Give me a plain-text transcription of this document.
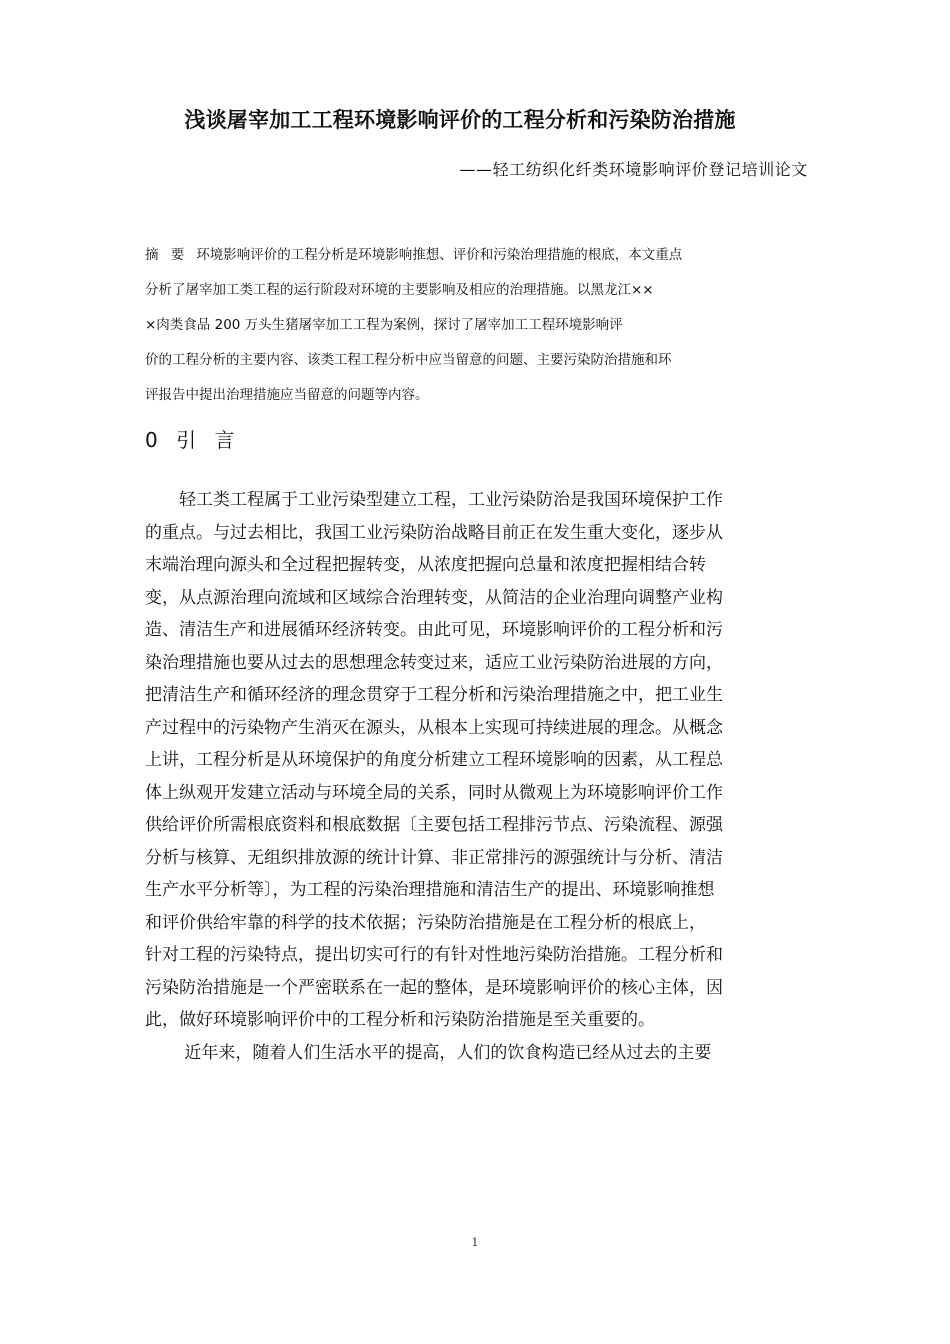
浅谈屠宰加工工程环境影响评价的工程分析和污染防治措施
——轻工纺织化纤类环境影响评价登记培训论文
摘 要 环境影响评价的工程分析是环境影响推想、评价和污染治理措施的根底，本文重点
分析了屠宰加工类工程的运行阶段对环境的主要影响及相应的治理措施。以黑龙江××
×肉类食品 200 万头生猪屠宰加工工程为案例，探讨了屠宰加工工程环境影响评
价的工程分析的主要内容、该类工程工程分析中应当留意的问题、主要污染防治措施和环
评报告中提出治理措施应当留意的问题等内容。
0 引 言
　　轻工类工程属于工业污染型建立工程，工业污染防治是我国环境保护工作
的重点。与过去相比，我国工业污染防治战略目前正在发生重大变化，逐步从
末端治理向源头和全过程把握转变，从浓度把握向总量和浓度把握相结合转
变，从点源治理向流域和区域综合治理转变，从简洁的企业治理向调整产业构
造、清洁生产和进展循环经济转变。由此可见，环境影响评价的工程分析和污
染治理措施也要从过去的思想理念转变过来，适应工业污染防治进展的方向，
把清洁生产和循环经济的理念贯穿于工程分析和污染治理措施之中，把工业生
产过程中的污染物产生消灭在源头，从根本上实现可持续进展的理念。从概念
上讲，工程分析是从环境保护的角度分析建立工程环境影响的因素，从工程总
体上纵观开发建立活动与环境全局的关系，同时从微观上为环境影响评价工作
供给评价所需根底资料和根底数据〔主要包括工程排污节点、污染流程、源强
分析与核算、无组织排放源的统计计算、非正常排污的源强统计与分析、清洁
生产水平分析等〕，为工程的污染治理措施和清洁生产的提出、环境影响推想
和评价供给牢靠的科学的技术依据；污染防治措施是在工程分析的根底上，
针对工程的污染特点，提出切实可行的有针对性地污染防治措施。工程分析和
污染防治措施是一个严密联系在一起的整体，是环境影响评价的核心主体，因
此，做好环境影响评价中的工程分析和污染防治措施是至关重要的。
　　 近年来，随着人们生活水平的提高，人们的饮食构造已经从过去的主要
1
